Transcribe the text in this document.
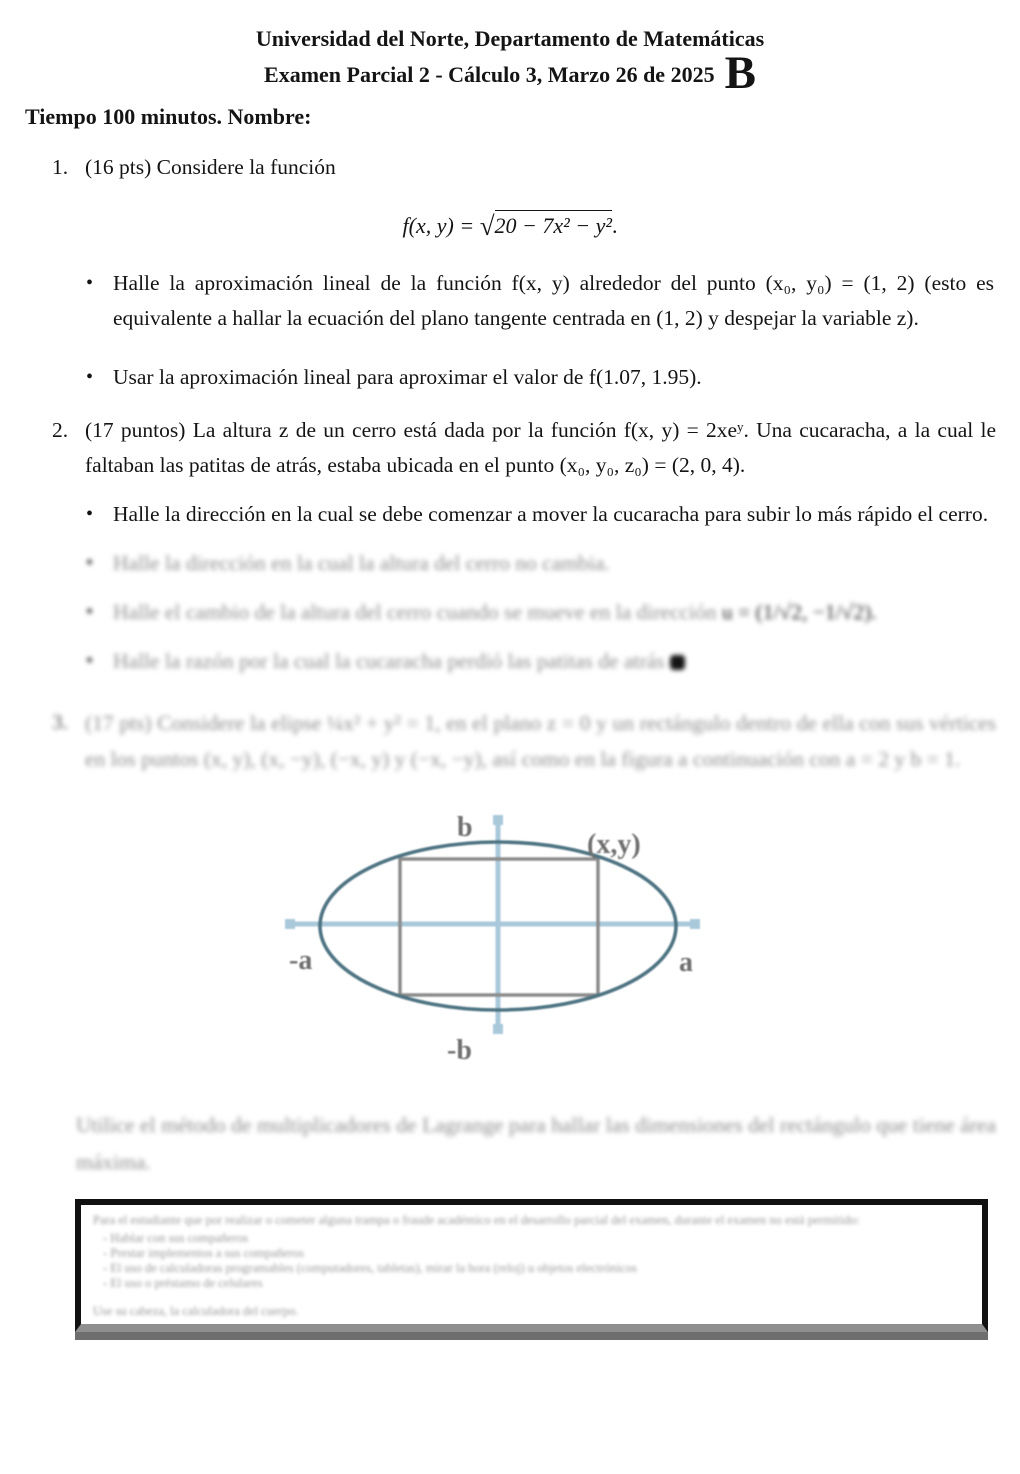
Universidad del Norte, Departamento de Matemáticas
Examen Parcial 2 - Cálculo 3, Marzo 26 de 2025 B
Tiempo 100 minutos. Nombre:
1. (16 pts) Considere la función
f(x, y) = √20 − 7x² − y².
• Halle la aproximación lineal de la función f(x, y) alrededor del punto (x₀, y₀) = (1, 2) (esto es equivalente a hallar la ecuación del plano tangente centrada en (1, 2) y despejar la variable z).
• Usar la aproximación lineal para aproximar el valor de f(1.07, 1.95).
2. (17 puntos) La altura z de un cerro está dada por la función f(x, y) = 2xeʸ. Una cucaracha, a la cual le faltaban las patitas de atrás, estaba ubicada en el punto (x₀, y₀, z₀) = (2, 0, 4).
• Halle la dirección en la cual se debe comenzar a mover la cucaracha para subir lo más rápido el cerro.
• Halle la dirección en la cual la altura del cerro no cambia.
• Halle el cambio de la altura del cerro cuando se mueve en la dirección u = (1/√2, −1/√2).
• Halle la razón por la cual la cucaracha perdió las patitas de atrás
3. (17 pts) Considere la elipse ¼x² + y² = 1, en el plano z = 0 y un rectángulo dentro de ella con sus vértices en los puntos (x, y), (x, −y), (−x, y) y (−x, −y), así como en la figura a continuación con a = 2 y b = 1.
b
(x,y)
-a	a
-b
Utilice el método de multiplicadores de Lagrange para hallar las dimensiones del rectángulo que tiene área máxima.
Para el estudiante que por realizar o cometer alguna trampa o fraude académico en el desarrollo parcial del examen, durante el examen no está permitido:
- Hablar con sus compañeros
- Prestar implementos a sus compañeros
- El uso de calculadoras programables (computadores, tabletas), mirar la hora (reloj) u objetos electrónicos
- El uso o préstamo de celulares
Use su cabeza, la calculadora del cuerpo.
